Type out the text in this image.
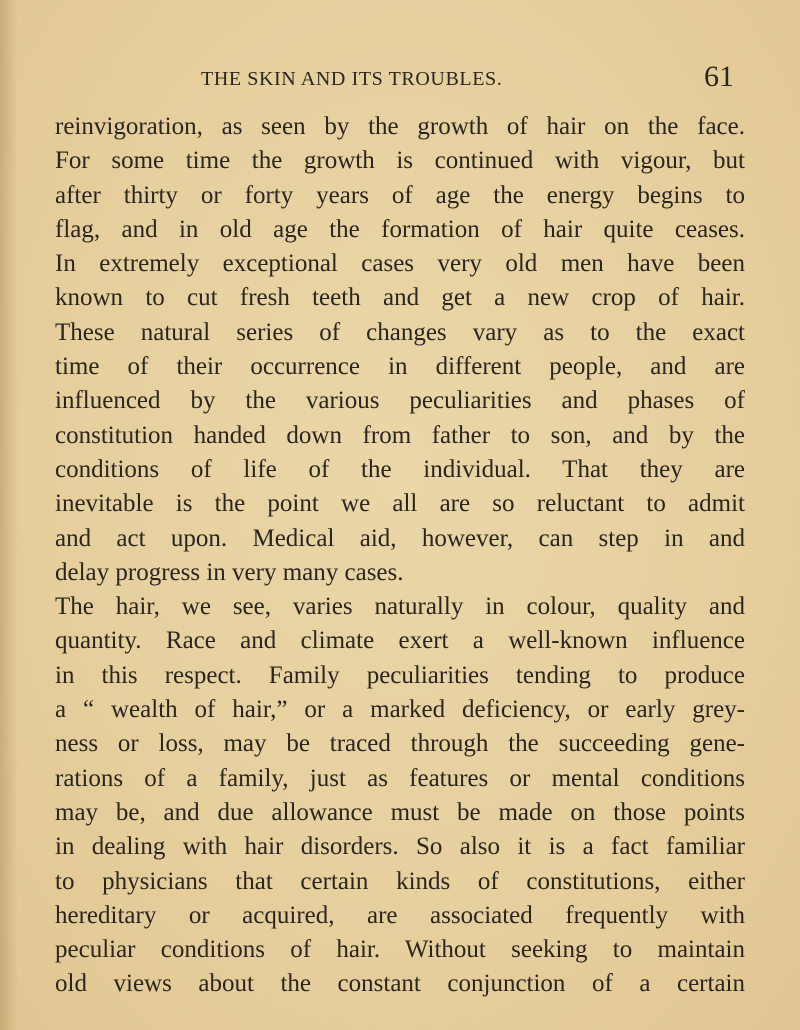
THE SKIN AND ITS TROUBLES.	61
reinvigoration, as seen by the growth of hair on the face.
For some time the growth is continued with vigour, but
after thirty or forty years of age the energy begins to
flag, and in old age the formation of hair quite ceases.
In extremely exceptional cases very old men have been
known to cut fresh teeth and get a new crop of hair.
These natural series of changes vary as to the exact
time of their occurrence in different people, and are
influenced by the various peculiarities and phases of
constitution handed down from father to son, and by the
conditions of life of the individual. That they are
inevitable is the point we all are so reluctant to admit
and act upon. Medical aid, however, can step in and
delay progress in very many cases.
The hair, we see, varies naturally in colour, quality and
quantity. Race and climate exert a well-known influence
in this respect. Family peculiarities tending to produce
a “ wealth of hair,” or a marked deficiency, or early grey-
ness or loss, may be traced through the succeeding gene-
rations of a family, just as features or mental conditions
may be, and due allowance must be made on those points
in dealing with hair disorders. So also it is a fact familiar
to physicians that certain kinds of constitutions, either
hereditary or acquired, are associated frequently with
peculiar conditions of hair. Without seeking to maintain
old views about the constant conjunction of a certain
